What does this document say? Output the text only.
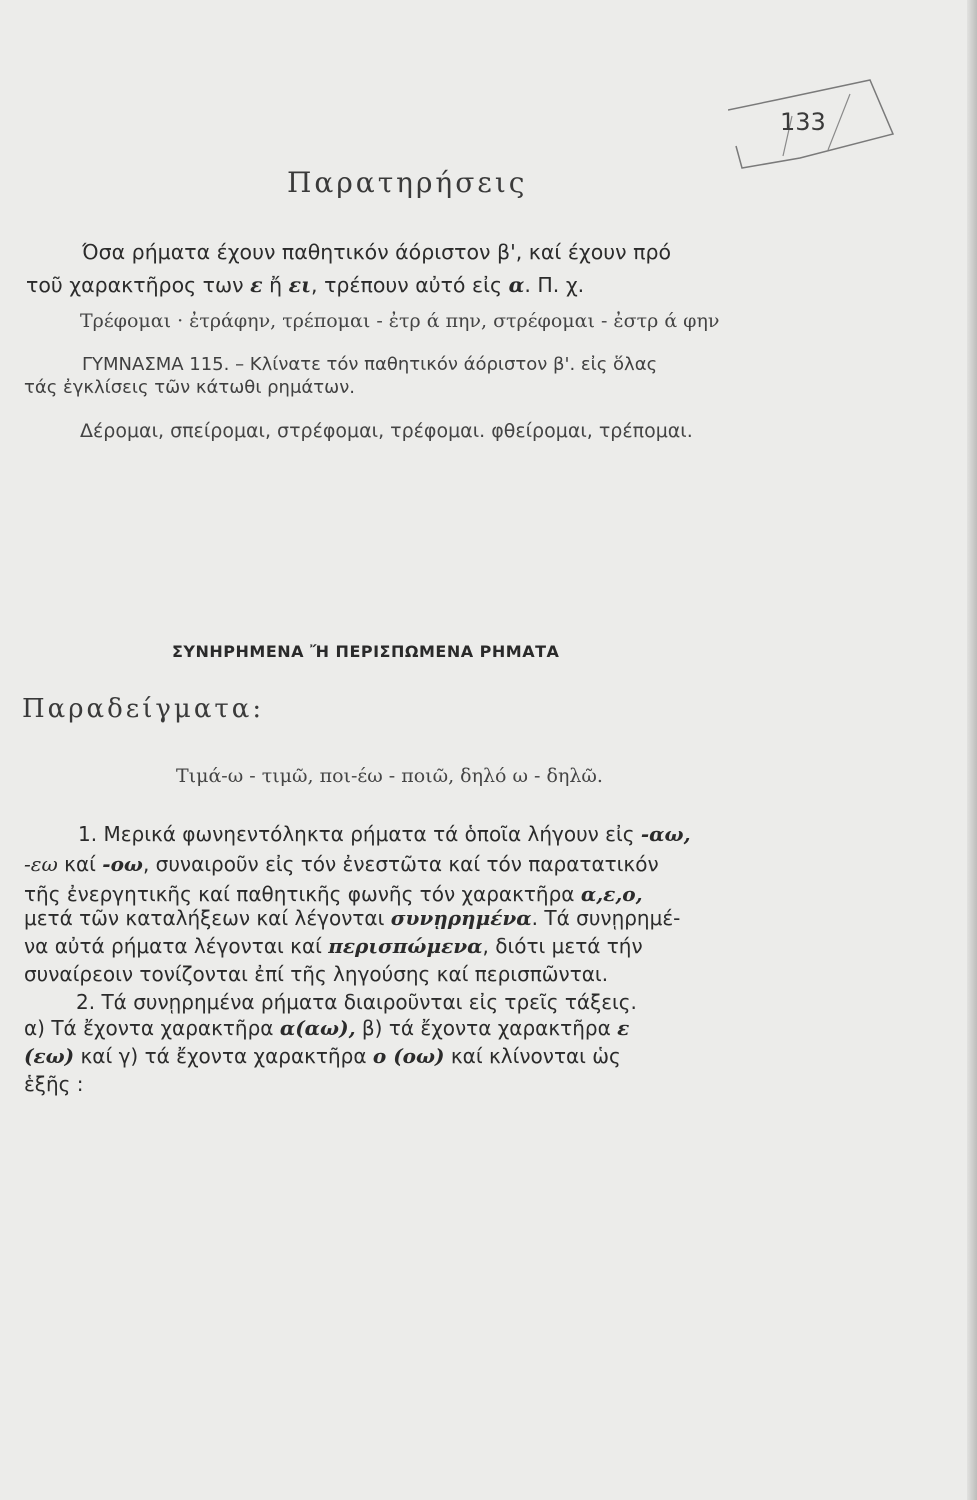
133
Παρατηρήσεις
Όσα ρήματα έχουν παθητικόν άόριστον β', καί έχουν πρό
τοῦ χαρακτῆρος των ε ἤ ει, τρέπουν αὐτό εἰς α. Π. χ.
Τρέφομαι · ἐτράφην, τρέπομαι - ἐτρ ά πην, στρέφομαι - ἐστρ ά φην
ΓΥΜΝΑΣΜΑ 115. – Κλίνατε τόν παθητικόν άόριστον β'. εἰς ὅλας
τάς ἐγκλίσεις τῶν κάτωθι ρημάτων.
Δέρομαι, σπείρομαι, στρέφομαι, τρέφομαι. φθείρομαι, τρέπομαι.
ΣΥΝΗΡΗΜΕΝΑ Ἤ ΠΕΡΙΣΠΩΜΕΝΑ ΡΗΜΑΤΑ
Παραδείγματα:
Τιμά-ω - τιμῶ, ποι-έω - ποιῶ, δηλό ω - δηλῶ.
1. Μερικά φωνηεντόληκτα ρήματα τά ὁποῖα λήγουν εἰς -αω,
-εω καί -οω, συναιροῦν εἰς τόν ἐνεστῶτα καί τόν παρατατικόν
τῆς ἐνεργητικῆς καί παθητικῆς φωνῆς τόν χαρακτῆρα α,ε,ο,
μετά τῶν καταλήξεων καί λέγονται συνῃρημένα. Τά συνῃρημέ-
να αὐτά ρήματα λέγονται καί περισπώμενα, διότι μετά τήν
συναίρεοιν τονίζονται ἐπί τῆς ληγούσης καί περισπῶνται.
2. Τά συνῃρημένα ρήματα διαιροῦνται εἰς τρεῖς τάξεις.
α) Τά ἔχοντα χαρακτῆρα α(αω), β) τά ἔχοντα χαρακτῆρα ε
(εω) καί γ) τά ἔχοντα χαρακτῆρα ο (οω) καί κλίνονται ὡς
ἑξῆς :
